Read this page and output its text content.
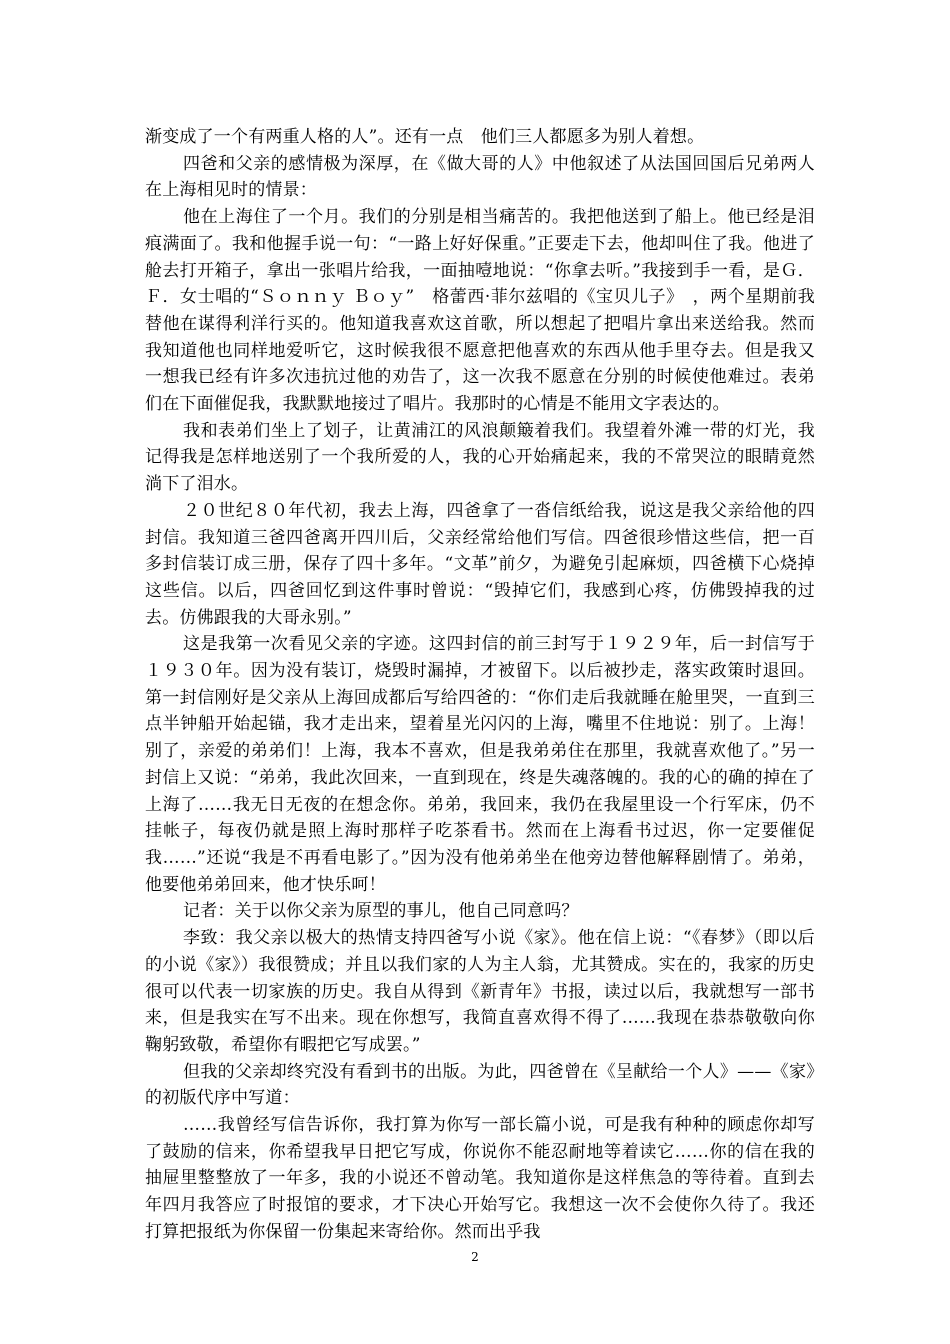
渐变成了一个有两重人格的人”。还有一点　他们三人都愿多为别人着想。

四爸和父亲的感情极为深厚，在《做大哥的人》中他叙述了从法国回国后兄弟两人在上海相见时的情景：

他在上海住了一个月。我们的分别是相当痛苦的。我把他送到了船上。他已经是泪痕满面了。我和他握手说一句：“一路上好好保重。”正要走下去，他却叫住了我。他进了舱去打开箱子，拿出一张唱片给我，一面抽噎地说：“你拿去听。”我接到手一看，是Ｇ．Ｆ．女士唱的“Ｓｏｎｎｙ Ｂｏｙ”　格蕾西·菲尔兹唱的《宝贝儿子》　，两个星期前我替他在谋得利洋行买的。他知道我喜欢这首歌，所以想起了把唱片拿出来送给我。然而我知道他也同样地爱听它，这时候我很不愿意把他喜欢的东西从他手里夺去。但是我又一想我已经有许多次违抗过他的劝告了，这一次我不愿意在分别的时候使他难过。表弟们在下面催促我，我默默地接过了唱片。我那时的心情是不能用文字表达的。

我和表弟们坐上了划子，让黄浦江的风浪颠簸着我们。我望着外滩一带的灯光，我记得我是怎样地送别了一个我所爱的人，我的心开始痛起来，我的不常哭泣的眼睛竟然淌下了泪水。

２０世纪８０年代初，我去上海，四爸拿了一沓信纸给我，说这是我父亲给他的四封信。我知道三爸四爸离开四川后，父亲经常给他们写信。四爸很珍惜这些信，把一百多封信装订成三册，保存了四十多年。“文革”前夕，为避免引起麻烦，四爸横下心烧掉这些信。以后，四爸回忆到这件事时曾说：“毁掉它们，我感到心疼，仿佛毁掉我的过去。仿佛跟我的大哥永别。”

这是我第一次看见父亲的字迹。这四封信的前三封写于１９２９年，后一封信写于１９３０年。因为没有装订，烧毁时漏掉，才被留下。以后被抄走，落实政策时退回。第一封信刚好是父亲从上海回成都后写给四爸的：“你们走后我就睡在舱里哭，一直到三点半钟船开始起锚，我才走出来，望着星光闪闪的上海，嘴里不住地说：别了。上海！别了，亲爱的弟弟们！上海，我本不喜欢，但是我弟弟住在那里，我就喜欢他了。”另一封信上又说：“弟弟，我此次回来，一直到现在，终是失魂落魄的。我的心的确的掉在了上海了……我无日无夜的在想念你。弟弟，我回来，我仍在我屋里设一个行军床，仍不挂帐子，每夜仍就是照上海时那样子吃茶看书。然而在上海看书过迟，你一定要催促我……”还说“我是不再看电影了。”因为没有他弟弟坐在他旁边替他解释剧情了。弟弟，他要他弟弟回来，他才快乐呵！

记者：关于以你父亲为原型的事儿，他自己同意吗？

李致：我父亲以极大的热情支持四爸写小说《家》。他在信上说：“《春梦》（即以后的小说《家》）我很赞成；并且以我们家的人为主人翁，尤其赞成。实在的，我家的历史很可以代表一切家族的历史。我自从得到《新青年》书报，读过以后，我就想写一部书来，但是我实在写不出来。现在你想写，我简直喜欢得不得了……我现在恭恭敬敬向你鞠躬致敬，希望你有暇把它写成罢。”

但我的父亲却终究没有看到书的出版。为此，四爸曾在《呈献给一个人》——《家》的初版代序中写道：

……我曾经写信告诉你，我打算为你写一部长篇小说，可是我有种种的顾虑你却写了鼓励的信来，你希望我早日把它写成，你说你不能忍耐地等着读它……你的信在我的抽屉里整整放了一年多，我的小说还不曾动笔。我知道你是这样焦急的等待着。直到去年四月我答应了时报馆的要求，才下决心开始写它。我想这一次不会使你久待了。我还打算把报纸为你保留一份集起来寄给你。然而出乎我

2
